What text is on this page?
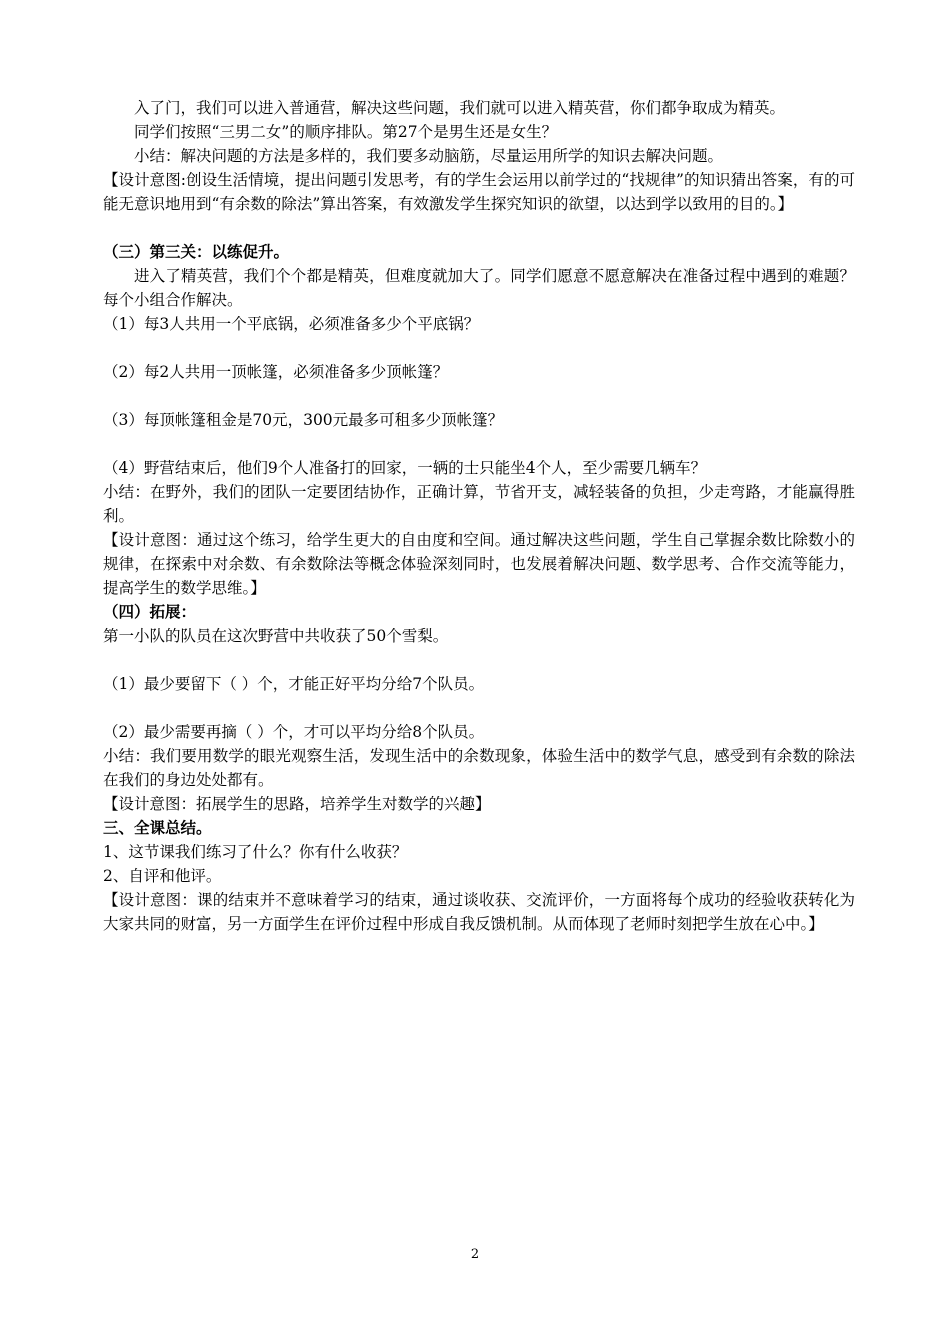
入了门，我们可以进入普通营，解决这些问题，我们就可以进入精英营，你们都争取成为精英。

同学们按照“三男二女”的顺序排队。第27个是男生还是女生？

小结：解决问题的方法是多样的，我们要多动脑筋，尽量运用所学的知识去解决问题。

【设计意图:创设生活情境，提出问题引发思考，有的学生会运用以前学过的“找规律”的知识猜出答案，有的可能无意识地用到“有余数的除法”算出答案，有效激发学生探究知识的欲望，以达到学以致用的目的。】

（三）第三关：以练促升。

进入了精英营，我们个个都是精英，但难度就加大了。同学们愿意不愿意解决在准备过程中遇到的难题？每个小组合作解决。

（1）每3人共用一个平底锅，必须准备多少个平底锅？

（2）每2人共用一顶帐篷，必须准备多少顶帐篷？

（3）每顶帐篷租金是70元，300元最多可租多少顶帐篷？

（4）野营结束后，他们9个人准备打的回家，一辆的士只能坐4个人，至少需要几辆车？

小结：在野外，我们的团队一定要团结协作，正确计算，节省开支，减轻装备的负担，少走弯路，才能赢得胜利。

【设计意图：通过这个练习，给学生更大的自由度和空间。通过解决这些问题，学生自己掌握余数比除数小的规律，在探索中对余数、有余数除法等概念体验深刻同时，也发展着解决问题、数学思考、合作交流等能力，提高学生的数学思维。】

（四）拓展：

第一小队的队员在这次野营中共收获了50个雪梨。

（1）最少要留下（ ）个，才能正好平均分给7个队员。

（2）最少需要再摘（ ）个，才可以平均分给8个队员。

小结：我们要用数学的眼光观察生活，发现生活中的余数现象，体验生活中的数学气息，感受到有余数的除法在我们的身边处处都有。

【设计意图：拓展学生的思路，培养学生对数学的兴趣】

三、全课总结。

1、这节课我们练习了什么？你有什么收获？

2、自评和他评。

【设计意图：课的结束并不意味着学习的结束，通过谈收获、交流评价，一方面将每个成功的经验收获转化为大家共同的财富，另一方面学生在评价过程中形成自我反馈机制。从而体现了老师时刻把学生放在心中。】

2
